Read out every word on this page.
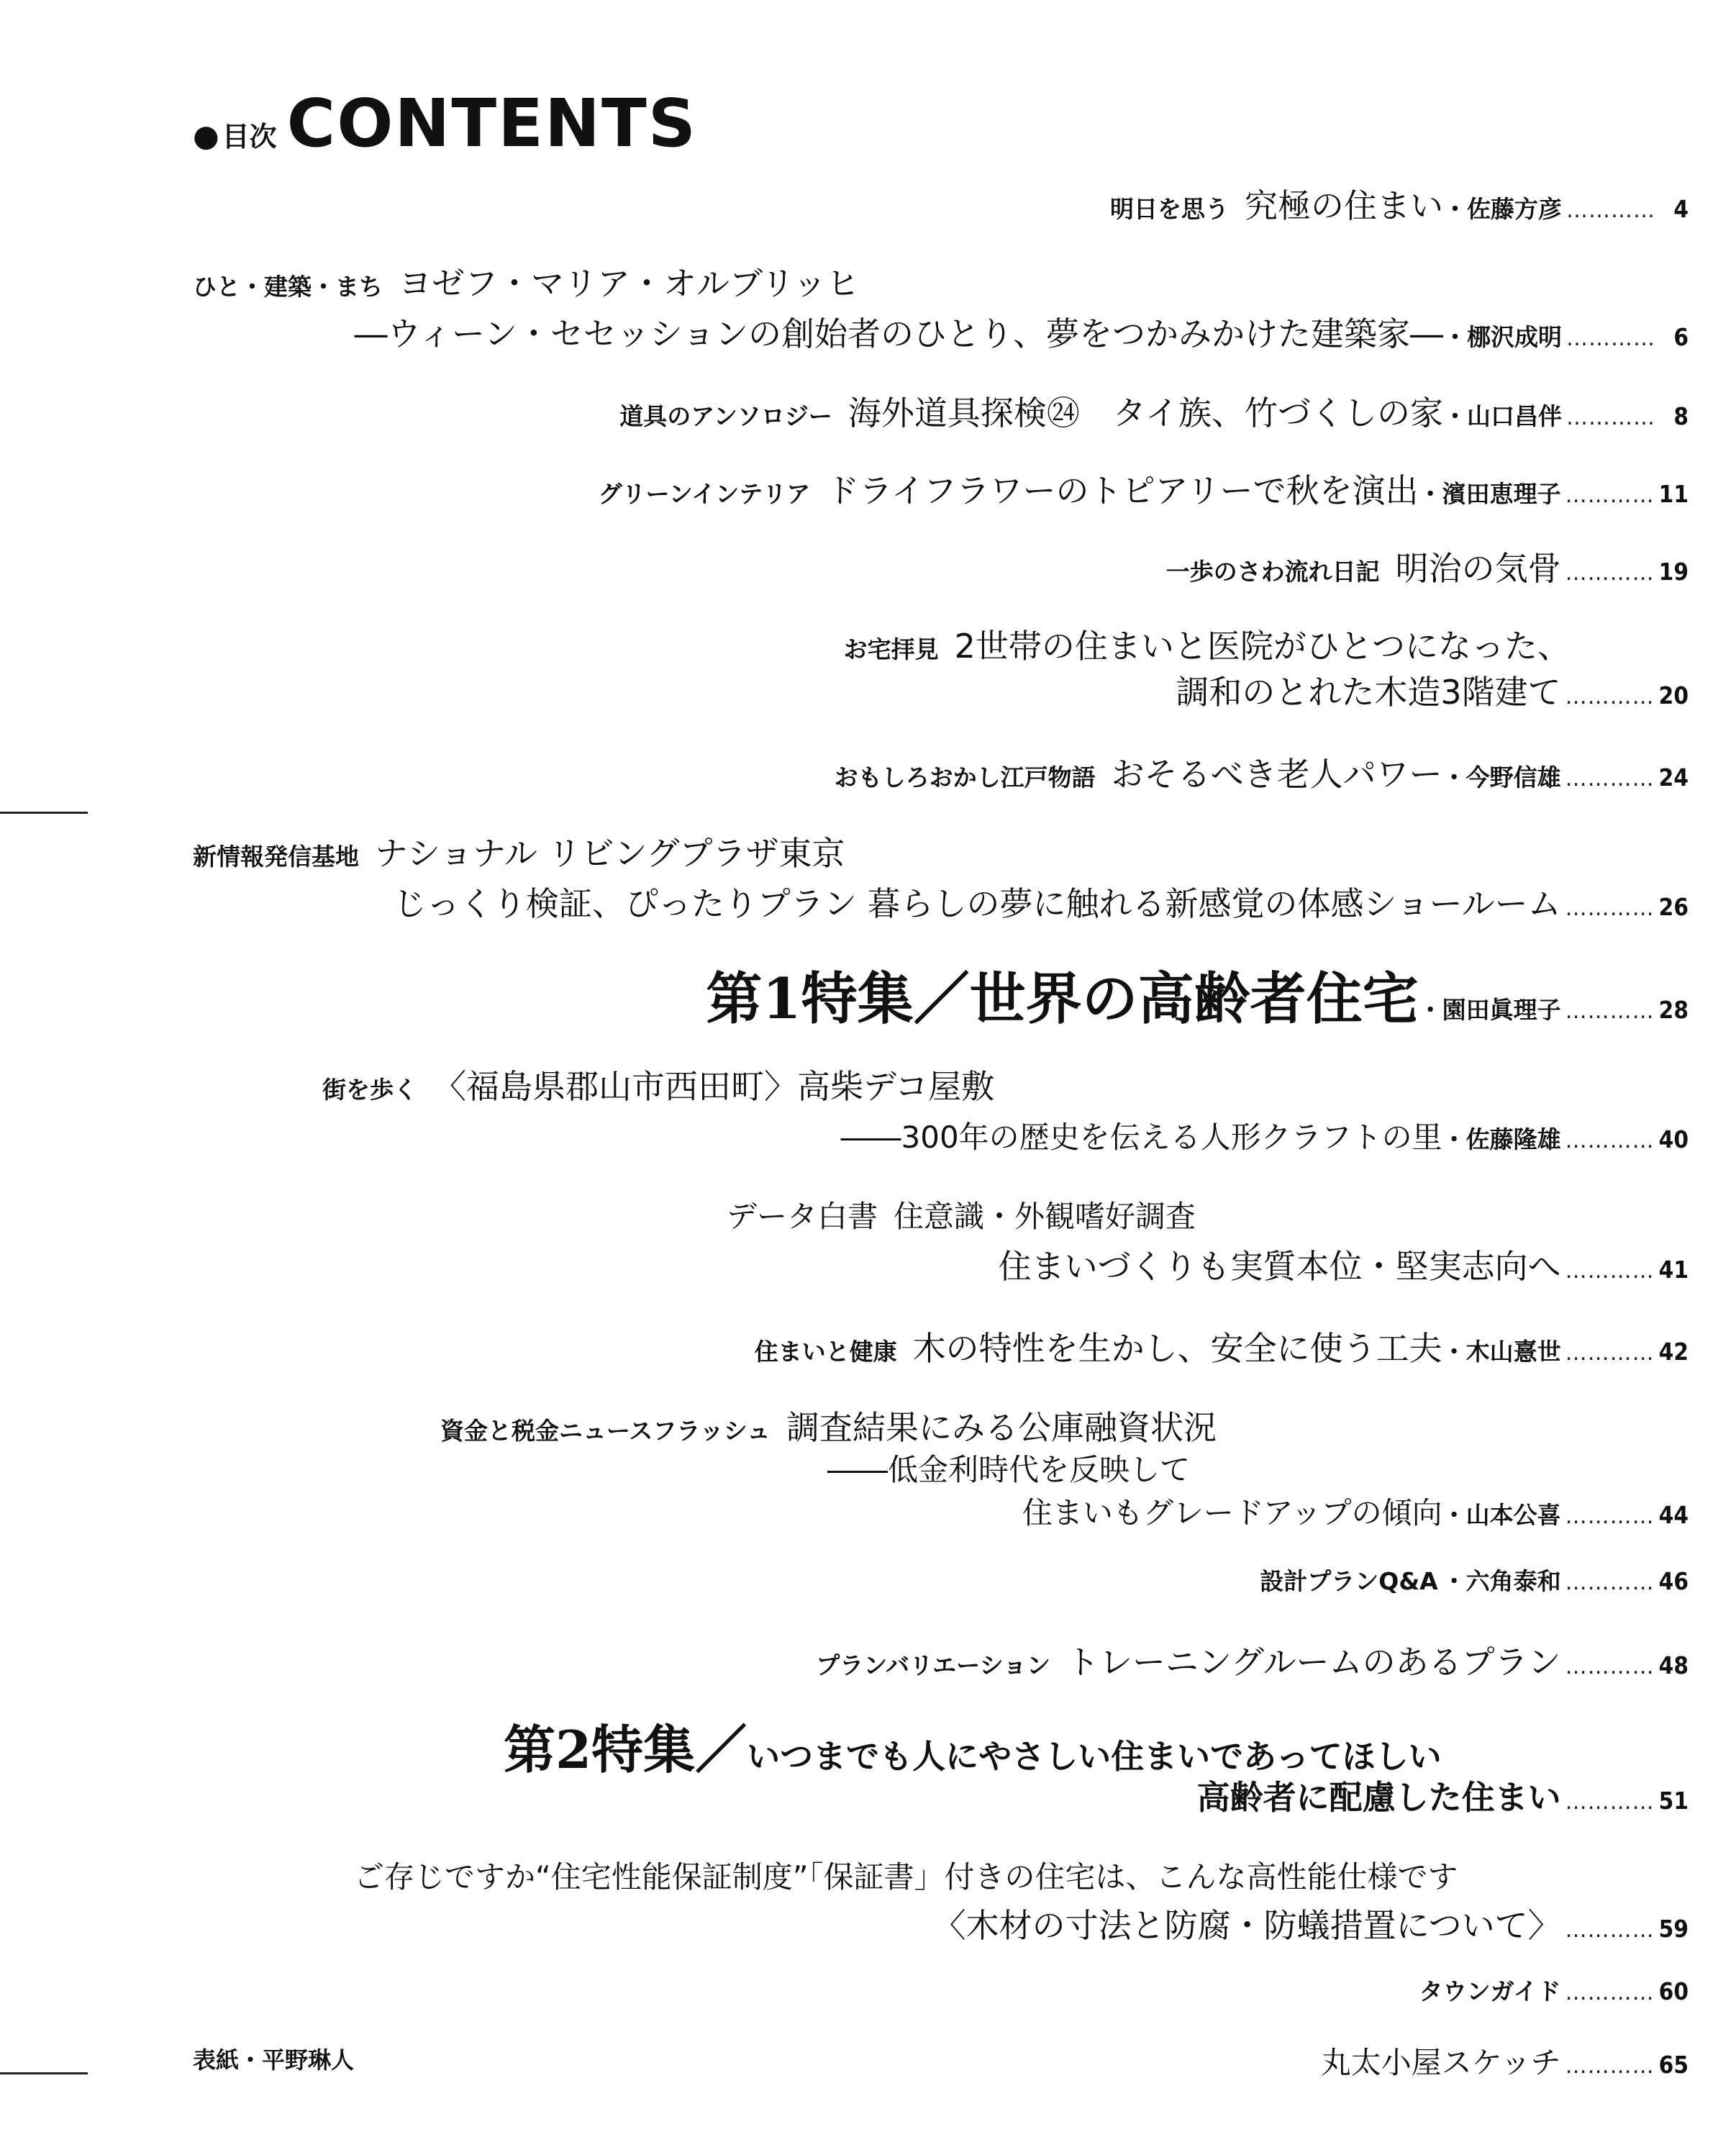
● 目次 CONTENTS
明日を思う 究極の住まい ・佐藤方彦 ………… 4
ひと・建築・まち ヨゼフ・マリア・オルブリッヒ
―ウィーン・セセッションの創始者のひとり、夢をつかみかけた建築家― ・梛沢成明 ………… 6
道具のアンソロジー 海外道具探検㉔　タイ族、竹づくしの家 ・山口昌伴 ………… 8
グリーンインテリア ドライフラワーのトピアリーで秋を演出 ・濱田恵理子 ………… 11
一歩のさわ流れ日記 明治の気骨 ………… 19
お宅拝見 2世帯の住まいと医院がひとつになった、
調和のとれた木造3階建て ………… 20
おもしろおかし江戸物語 おそるべき老人パワー ・今野信雄 ………… 24
新情報発信基地 ナショナル リビングプラザ東京
じっくり検証、ぴったりプラン 暮らしの夢に触れる新感覚の体感ショールーム ………… 26
第1特集／世界の高齢者住宅 ・園田眞理子 ………… 28
街を歩く 〈福島県郡山市西田町〉高柴デコ屋敷
――300年の歴史を伝える人形クラフトの里 ・佐藤隆雄 ………… 40
データ白書 住意識・外観嗜好調査
住まいづくりも実質本位・堅実志向へ ………… 41
住まいと健康 木の特性を生かし、安全に使う工夫 ・木山憙世 ………… 42
資金と税金ニュースフラッシュ 調査結果にみる公庫融資状況
――低金利時代を反映して
住まいもグレードアップの傾向 ・山本公喜 ………… 44
設計プランQ&A ・六角泰和 ………… 46
プランバリエーション トレーニングルームのあるプラン ………… 48
第2特集／ いつまでも人にやさしい住まいであってほしい
高齢者に配慮した住まい ………… 51
ご存じですか“住宅性能保証制度”「保証書」付きの住宅は、こんな高性能仕様です
〈木材の寸法と防腐・防蟻措置について〉 ………… 59
タウンガイド ………… 60
丸太小屋スケッチ ………… 65
表紙・平野琳人
